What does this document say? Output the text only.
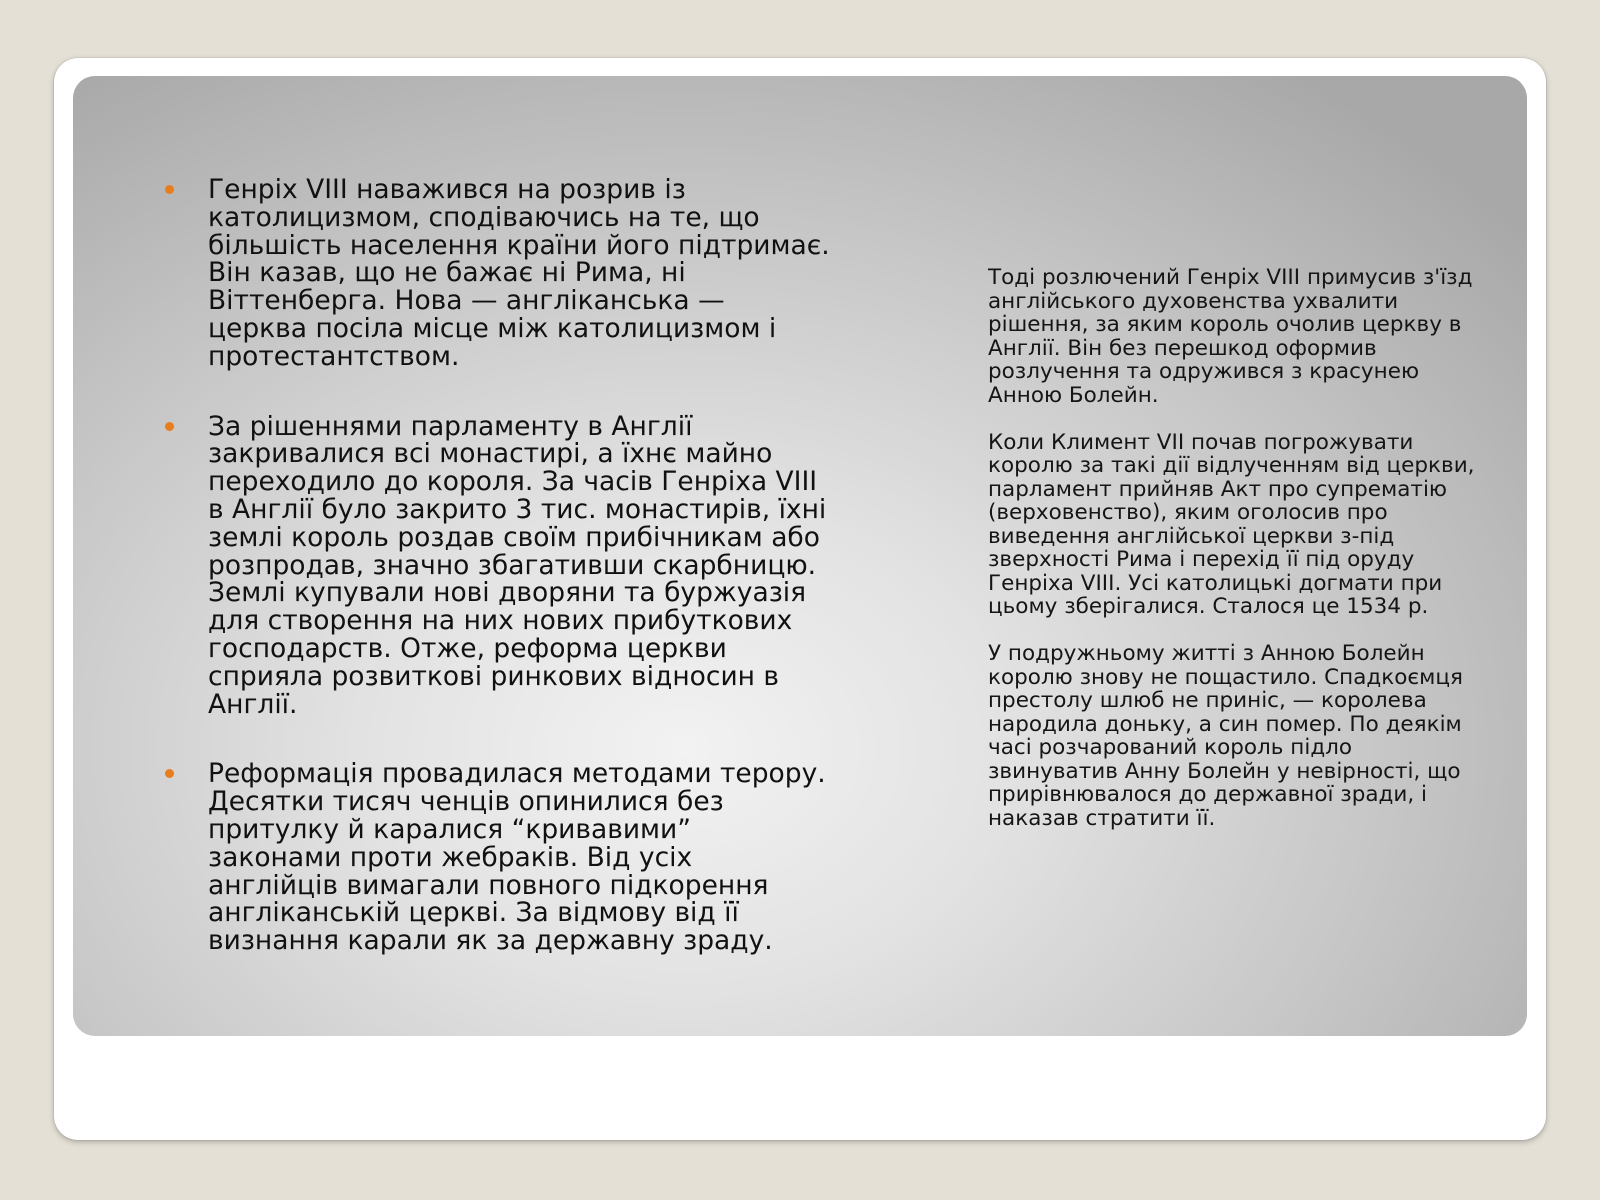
Генріх VIII наважився на розрив із католицизмом, сподіваючись на те, що більшість населення країни його підтримає. Він казав, що не бажає ні Рима, ні Віттенберга. Нова — англіканська — церква посіла місце між католицизмом і протестантством.
За рішеннями парламенту в Англії закривалися всі монастирі, а їхнє майно переходило до короля. За часів Генріха VIII в Англії було закрито 3 тис. монастирів, їхні землі король роздав своїм прибічникам або розпродав, значно збагативши скарбницю. Землі купували нові дворяни та буржуазія для створення на них нових прибуткових господарств. Отже, реформа церкви сприяла розвиткові ринкових відносин в Англії.
Реформація провадилася методами терору. Десятки тисяч ченців опинилися без притулку й каралися “кривавими” законами проти жебраків. Від усіх англійців вимагали повного підкорення англіканській церкві. За відмову від її визнання карали як за державну зраду.

Тоді розлючений Генріх VIII примусив з'їзд англійського духовенства ухвалити рішення, за яким король очолив церкву в Англії. Він без перешкод оформив розлучення та одружився з красунею Анною Болейн.

Коли Климент VII почав погрожувати королю за такі дії відлученням від церкви, парламент прийняв Акт про супрематію (верховенство), яким оголосив про виведення англійської церкви з-під зверхності Рима і перехід її під оруду Генріха VIII. Усі католицькі догмати при цьому зберігалися. Сталося це 1534 р.

У подружньому житті з Анною Болейн королю знову не пощастило. Спадкоємця престолу шлюб не приніс, — королева народила доньку, а син помер. По деякім часі розчарований король підло звинуватив Анну Болейн у невірності, що прирівнювалося до державної зради, і наказав стратити її.
